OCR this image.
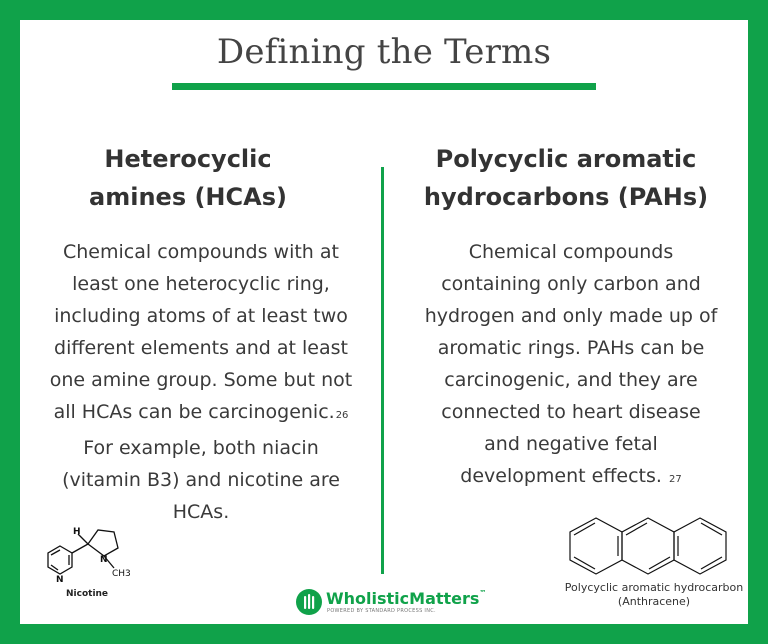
Defining the Terms
Heterocyclic
amines (HCAs)
Chemical compounds with at
least one heterocyclic ring,
including atoms of at least two
different elements and at least
one amine group. Some but not
all HCAs can be carcinogenic.26
For example, both niacin
(vitamin B3) and nicotine are
HCAs.
H
N
N
CH3
Nicotine
Polycyclic aromatic
hydrocarbons (PAHs)
Chemical compounds
containing only carbon and
hydrogen and only made up of
aromatic rings. PAHs can be
carcinogenic, and they are
connected to heart disease
and negative fetal
development effects. 27
Polycyclic aromatic hydrocarbon
(Anthracene)
WholisticMatters™
POWERED BY STANDARD PROCESS INC.
